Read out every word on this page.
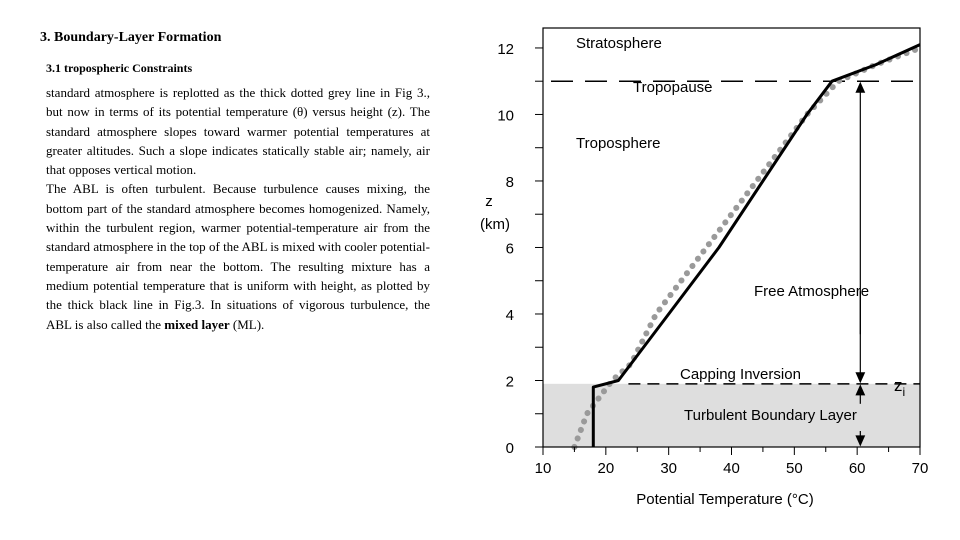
3. Boundary-Layer Formation
3.1 tropospheric Constraints

standard atmosphere is replotted as the thick dotted grey line in Fig 3., but now in terms of its potential temperature (θ) versus height (z). The standard atmosphere slopes toward warmer potential temperatures at greater altitudes. Such a slope indicates statically stable air; namely, air that opposes vertical motion.

The ABL is often turbulent. Because turbulence causes mixing, the bottom part of the standard atmosphere becomes homogenized. Namely, within the turbulent region, warmer potential-temperature air from the standard atmosphere in the top of the ABL is mixed with cooler potential-temperature air from near the bottom. The resulting mixture has a medium potential temperature that is uniform with height, as plotted by the thick black line in Fig.3. In situations of vigorous turbulence, the ABL is also called the mixed layer (ML).

10	20	30	40	50	60	70
0
2
4
6
8
10
12	Stratosphere
Tropopause
Troposphere
Free Atmosphere
Capping Inversion
Turbulent Boundary Layer
$z_i$
z
(km)
Potential Temperature (°C)
